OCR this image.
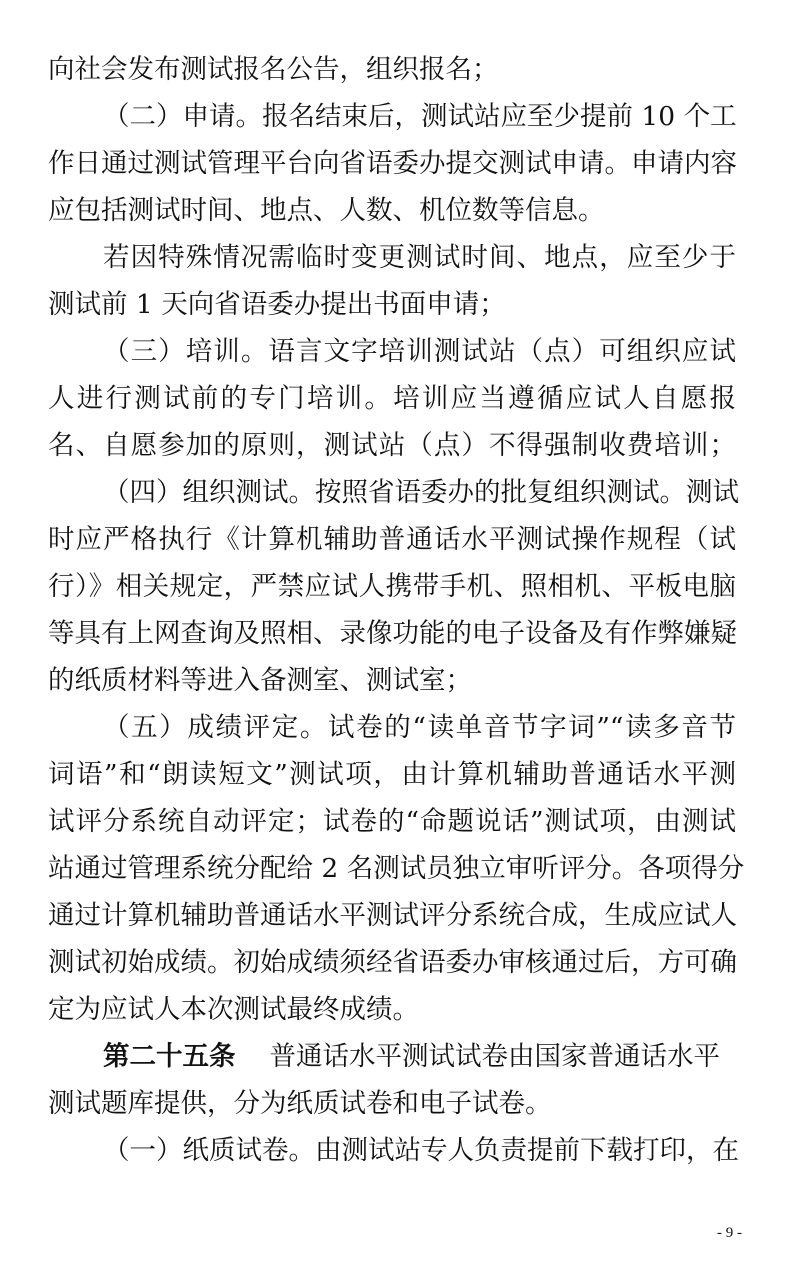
向社会发布测试报名公告，组织报名；
（二）申请。报名结束后，测试站应至少提前 10 个工
作日通过测试管理平台向省语委办提交测试申请。申请内容
应包括测试时间、地点、人数、机位数等信息。
若因特殊情况需临时变更测试时间、地点，应至少于
测试前 1 天向省语委办提出书面申请；
（三）培训。语言文字培训测试站（点）可组织应试
人进行测试前的专门培训。培训应当遵循应试人自愿报
名、自愿参加的原则，测试站（点）不得强制收费培训；
（四）组织测试。按照省语委办的批复组织测试。测试
时应严格执行《计算机辅助普通话水平测试操作规程（试
行）》相关规定，严禁应试人携带手机、照相机、平板电脑
等具有上网查询及照相、录像功能的电子设备及有作弊嫌疑
的纸质材料等进入备测室、测试室；
（五）成绩评定。试卷的“读单音节字词”“读多音节
词语”和“朗读短文”测试项，由计算机辅助普通话水平测
试评分系统自动评定；试卷的“命题说话”测试项，由测试
站通过管理系统分配给 2 名测试员独立审听评分。各项得分
通过计算机辅助普通话水平测试评分系统合成，生成应试人
测试初始成绩。初始成绩须经省语委办审核通过后，方可确
定为应试人本次测试最终成绩。
第二十五条 普通话水平测试试卷由国家普通话水平
测试题库提供，分为纸质试卷和电子试卷。
（一）纸质试卷。由测试站专人负责提前下载打印，在
- 9 -
